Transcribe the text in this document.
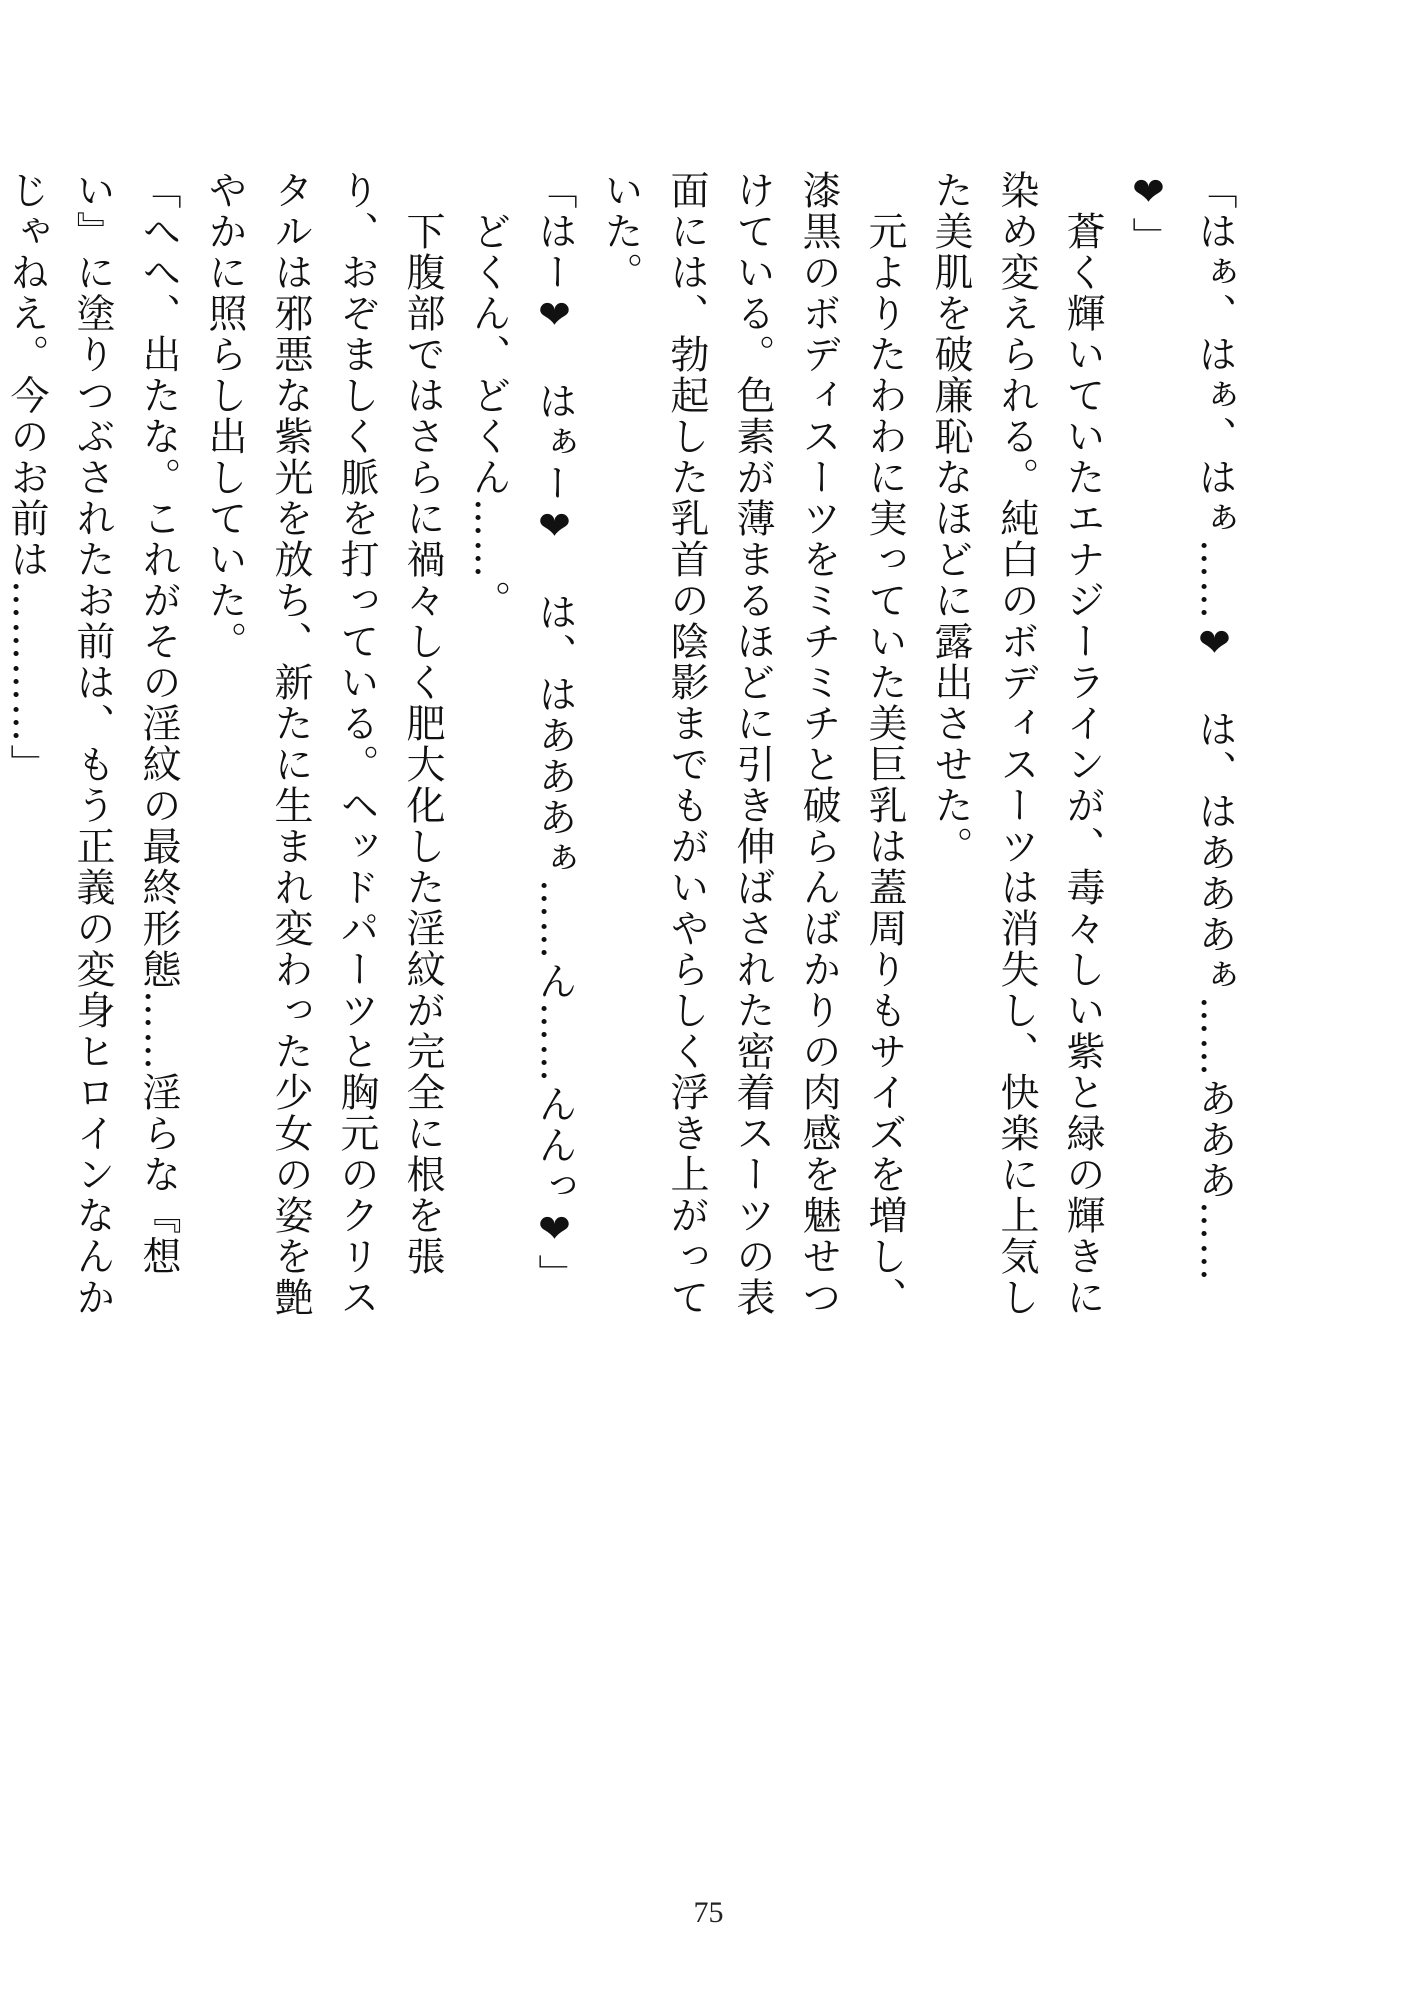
「はぁ、はぁ、はぁ……❤　は、はあああぁ……あああ……❤」

　蒼く輝いていたエナジーラインが、毒々しい紫と緑の輝きに染め変えられる。純白のボディスーツは消失し、快楽に上気した美肌を破廉恥なほどに露出させた。

　元よりたわわに実っていた美巨乳は蓋周りもサイズを増し、漆黒のボディスーツをミチミチと破らんばかりの肉感を魅せつけている。色素が薄まるほどに引き伸ばされた密着スーツの表面には、勃起した乳首の陰影までもがいやらしく浮き上がっていた。

「はー❤　はぁー❤　は、はあああぁ……ん……んんっ❤」

　どくん、どくん……。

　下腹部ではさらに禍々しく肥大化した淫紋が完全に根を張り、おぞましく脈を打っている。ヘッドパーツと胸元のクリスタルは邪悪な紫光を放ち、新たに生まれ変わった少女の姿を艶やかに照らし出していた。

「へへ、出たな。これがその淫紋の最終形態……淫らな『想い』に塗りつぶされたお前は、もう正義の変身ヒロインなんかじゃねえ。今のお前は…………」

75
